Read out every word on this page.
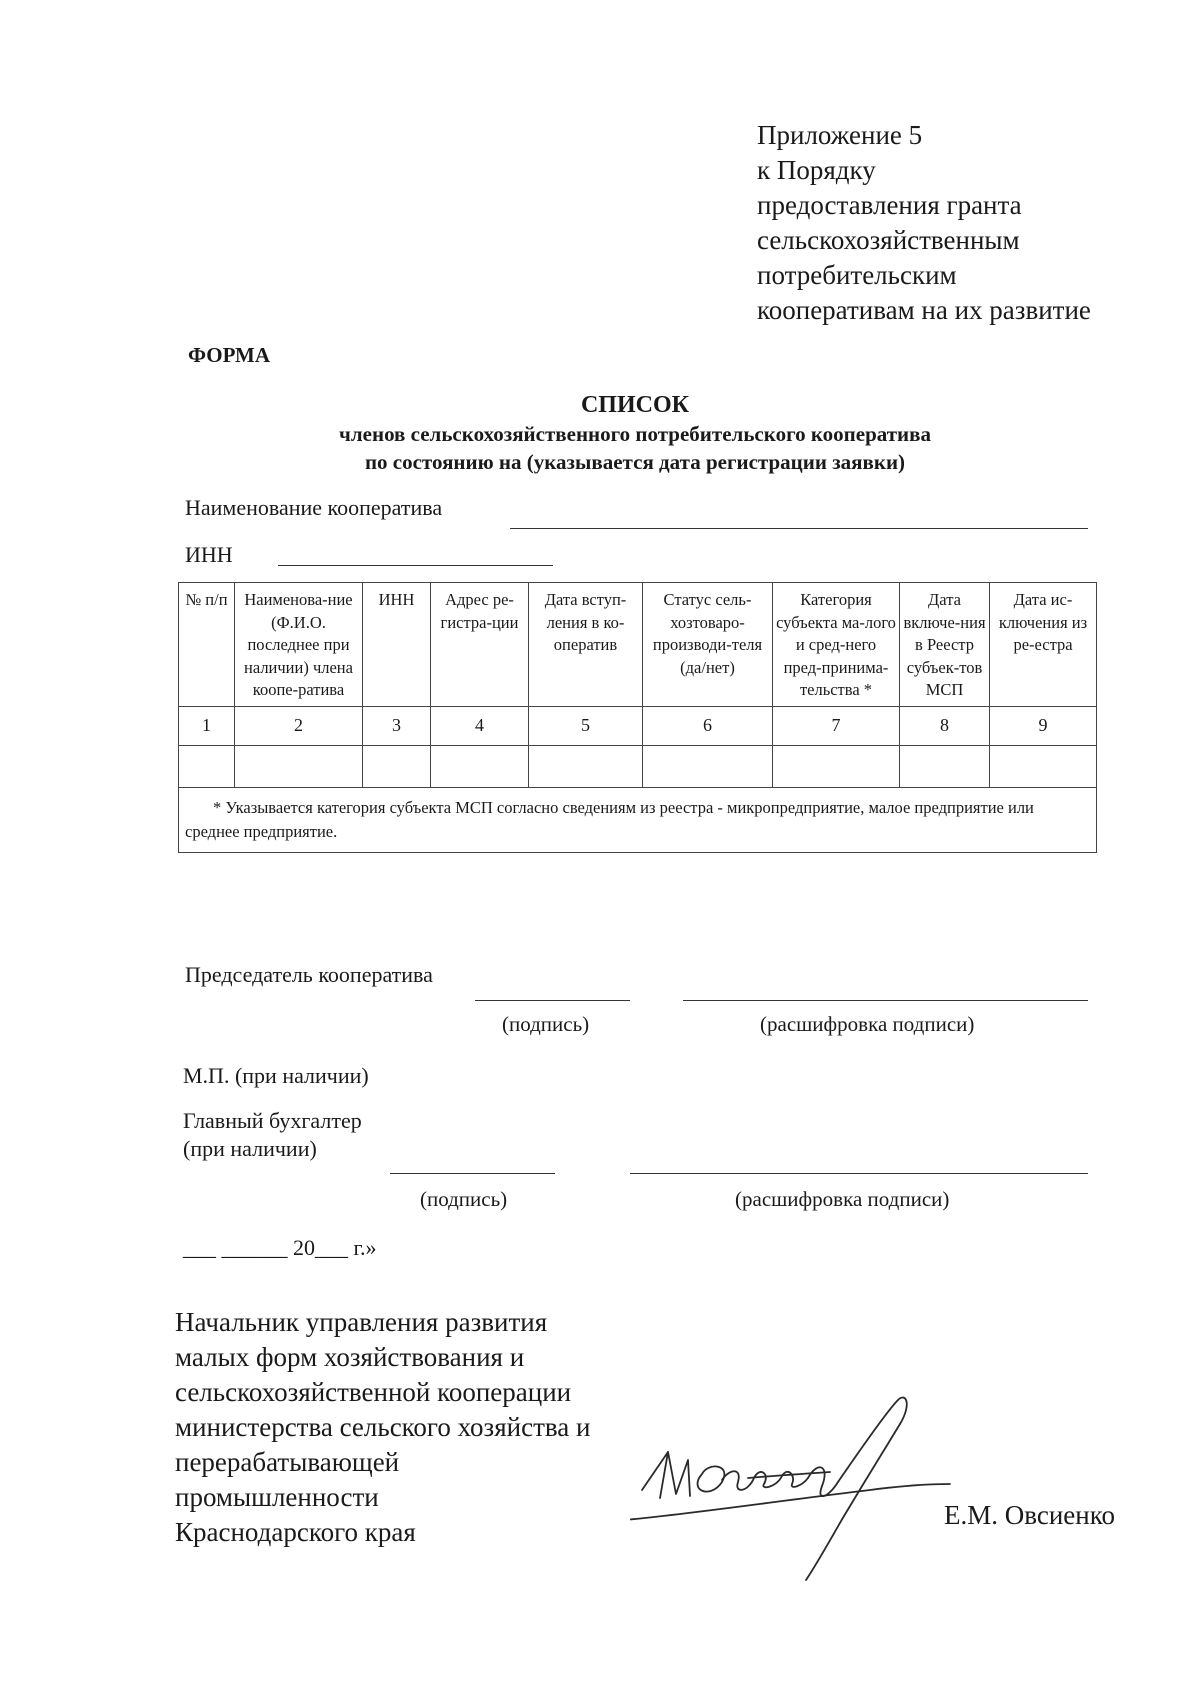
Приложение 5
к Порядку
предоставления гранта
сельскохозяйственным
потребительским
кооперативам на их развитие
ФОРМА
СПИСОК
членов сельскохозяйственного потребительского кооператива
по состоянию на (указывается дата регистрации заявки)
Наименование кооператива
ИНН
№ п/п	Наименова-ние (Ф.И.О. последнее при наличии) члена коопе-ратива	ИНН	Адрес ре-гистра-ции	Дата вступ-ления в ко-оператив	Статус сель-хозтоваро-производи-теля (да/нет)	Категория субъекта ма-лого и сред-него пред-принима-тельства *	Дата включе-ния в Реестр субъек-тов МСП	Дата ис-ключения из ре-естра
1	2	3	4	5	6	7	8	9

* Указывается категория субъекта МСП согласно сведениям из реестра - микропредприятие, малое предприятие или среднее предприятие.								
Председатель кооператива
(подпись)	(расшифровка подписи)
М.П. (при наличии)
Главный бухгалтер
(при наличии)
(подпись)	(расшифровка подписи)
___ ______ 20___ г.»
Начальник управления развития
малых форм хозяйствования и
сельскохозяйственной кооперации
министерства сельского хозяйства и
перерабатывающей
промышленности
Краснодарского края
Е.М. Овсиенко
